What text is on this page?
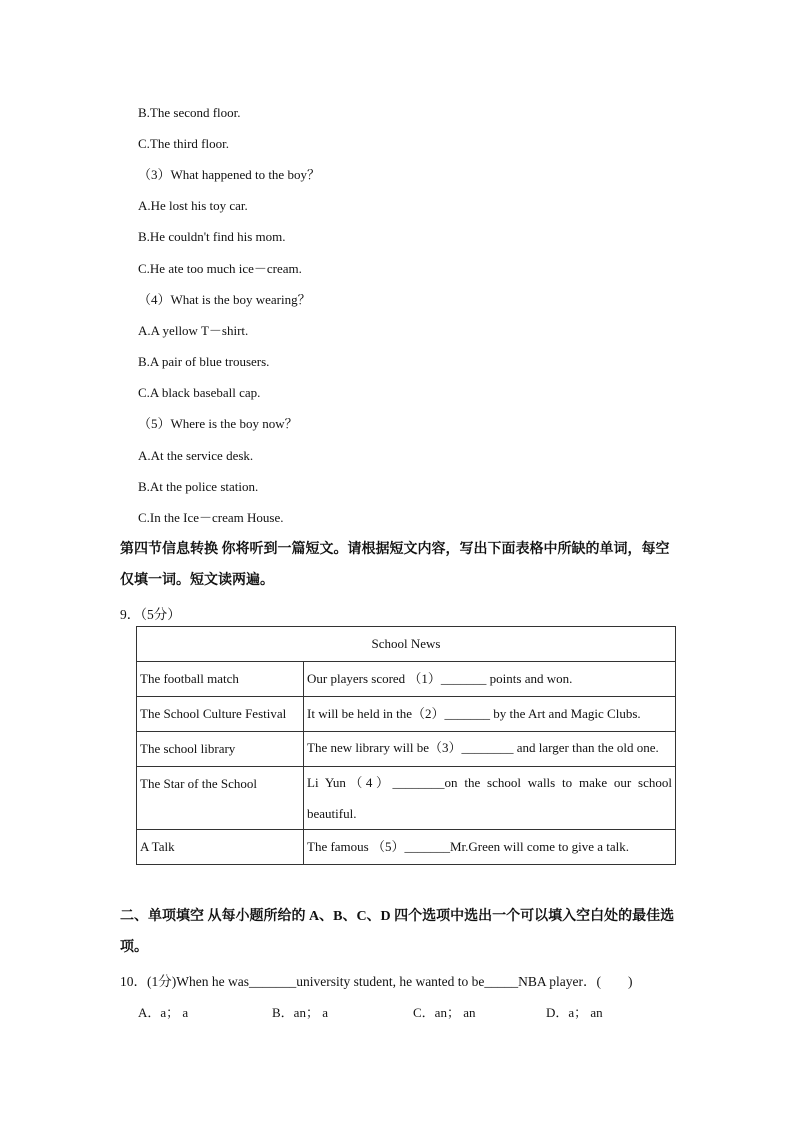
B.The second floor.
C.The third floor.
（3）What happened to the boy？
A.He lost his toy car.
B.He couldn't find his mom.
C.He ate too much ice－cream.
（4）What is the boy wearing？
A.A yellow T－shirt.
B.A pair of blue trousers.
C.A black baseball cap.
（5）Where is the boy now？
A.At the service desk.
B.At the police station.
C.In the Ice－cream House.
第四节信息转换 你将听到一篇短文。请根据短文内容，写出下面表格中所缺的单词，每空仅填一词。短文读两遍。
9．（5分）
School News	
The football match	Our players scored （1）_______ points and won.
The School Culture Festival	It will be held in the（2）_______ by the Art and Magic Clubs.
The school library	The new library will be（3）________ and larger than the old one.
The Star of the School	Li Yun（4）________on the school walls to make our school beautiful.
A Talk	The famous （5）_______Mr.Green will come to give a talk.
二、单项填空 从每小题所给的 A、B、C、D 四个选项中选出一个可以填入空白处的最佳选项。
10．(1分)When he was_______university student, he wanted to be_____NBA player．(　　)
A．a； a	B．an； a	C．an； an	D．a； an
